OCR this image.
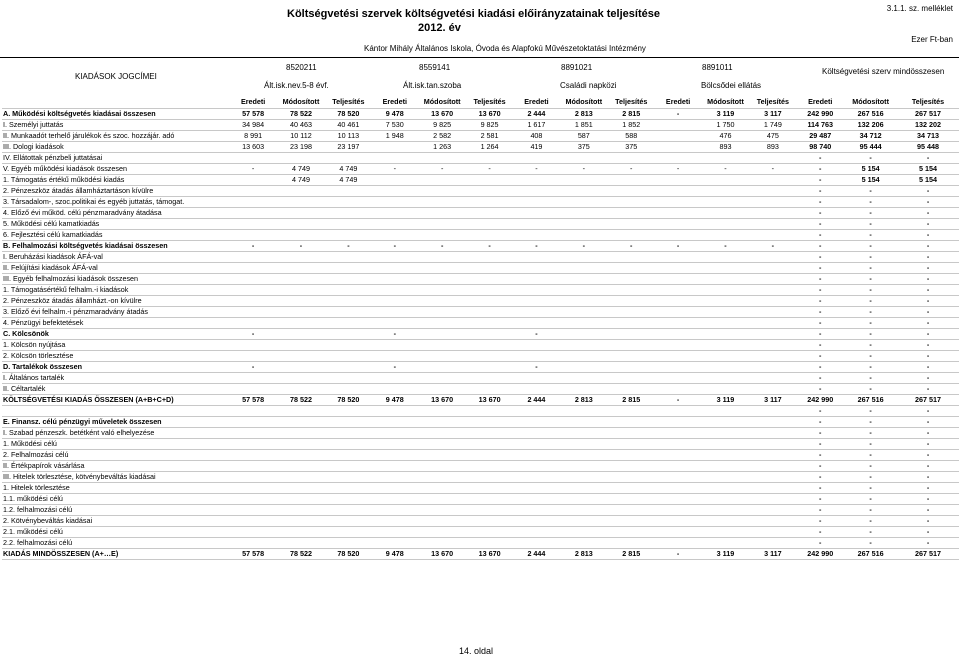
Költségvetési szervek költségvetési kiadási előirányzatainak teljesítése
2012. év
3.1.1. sz. melléklet
Ezer Ft-ban
Kántor Mihály Általános Iskola, Óvoda és Alapfokú Művészetoktatási Intézmény
KIADÁSOK JOGCÍMEI
Költségvetési szerv mindösszesen
8520211	8559141	8891021	8891011
Ált.isk.nev.5-8 évf.	Ált.isk.tan.szoba	Családi napközi	Bölcsődei ellátás
	Eredeti	Módosított	Teljesítés	Eredeti	Módosított	Teljesítés	Eredeti	Módosított	Teljesítés	Eredeti	Módosított	Teljesítés	Eredeti	Módosított	Teljesítés
A. Működési költségvetés kiadásai összesen	57 578	78 522	78 520	9 478	13 670	13 670	2 444	2 813	2 815	-	3 119	3 117	242 990	267 516	267 517
I. Személyi juttatás	34 984	40 463	40 461	7 530	9 825	9 825	1 617	1 851	1 852		1 750	1 749	114 763	132 206	132 202
II. Munkaadót terhelő járulékok és szoc. hozzájár. adó	8 991	10 112	10 113	1 948	2 582	2 581	408	587	588		476	475	29 487	34 712	34 713
III. Dologi kiadások	13 603	23 198	23 197		1 263	1 264	419	375	375		893	893	98 740	95 444	95 448
IV. Ellátottak pénzbeli juttatásai													-	-	-
V. Egyéb működési kiadások összesen	-	4 749	4 749	-	-	-	-	-	-	-	-	-	-	5 154	5 154
1. Támogatás értékű működési kiadás		4 749	4 749										-	5 154	5 154
2. Pénzeszköz átadás államháztartáson kívülre													-	-	-
3. Társadalom-, szoc.politikai és egyéb juttatás, támogat.													-	-	-
4. Előző évi működ. célú pénzmaradvány átadása													-	-	-
5. Működési célú kamatkiadás													-	-	-
6. Fejlesztési célú kamatkiadás													-	-	-
B. Felhalmozási költségvetés kiadásai összesen	-	-	-	-	-	-	-	-	-	-	-	-	-	-	-
I. Beruházási kiadások ÁFÁ-val													-	-	-
II. Felújítási kiadások ÁFÁ-val													-	-	-
III. Egyéb felhalmozási kiadások összesen													-	-	-
1. Támogatásértékű felhalm.-i kiadások													-	-	-
2. Pénzeszköz átadás államházt.-on kívülre													-	-	-
3. Előző évi felhalm.-i pénzmaradvány átadás													-	-	-
4. Pénzügyi befektetések													-	-	-
C. Kölcsönök	-			-			-						-	-	-
1. Kölcsön nyújtása													-	-	-
2. Kölcsön törlesztése													-	-	-
D. Tartalékok összesen	-			-			-						-	-	-
I. Általános tartalék													-	-	-
II. Céltartalék													-	-	-
KÖLTSÉGVETÉSI KIADÁS ÖSSZESEN (A+B+C+D)	57 578	78 522	78 520	9 478	13 670	13 670	2 444	2 813	2 815	-	3 119	3 117	242 990	267 516	267 517
													-	-	-
E. Finansz. célú pénzügyi műveletek összesen													-	-	-
I. Szabad pénzeszk. betétként való elhelyezése													-	-	-
1. Működési célú													-	-	-
2. Felhalmozási célú													-	-	-
II. Értékpapírok vásárlása													-	-	-
III. Hitelek törlesztése, kötvénybeváltás kiadásai													-	-	-
1. Hitelek törlesztése													-	-	-
1.1. működési célú													-	-	-
1.2. felhalmozási célú													-	-	-
2. Kötvénybeváltás kiadásai													-	-	-
2.1. működési célú													-	-	-
2.2. felhalmozási célú													-	-	-
KIADÁS MINDÖSSZESEN (A+…E)	57 578	78 522	78 520	9 478	13 670	13 670	2 444	2 813	2 815	-	3 119	3 117	242 990	267 516	267 517
14. oldal
